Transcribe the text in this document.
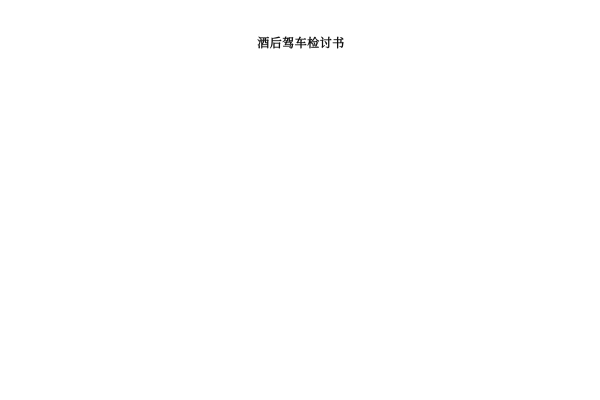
酒后驾车检讨书
